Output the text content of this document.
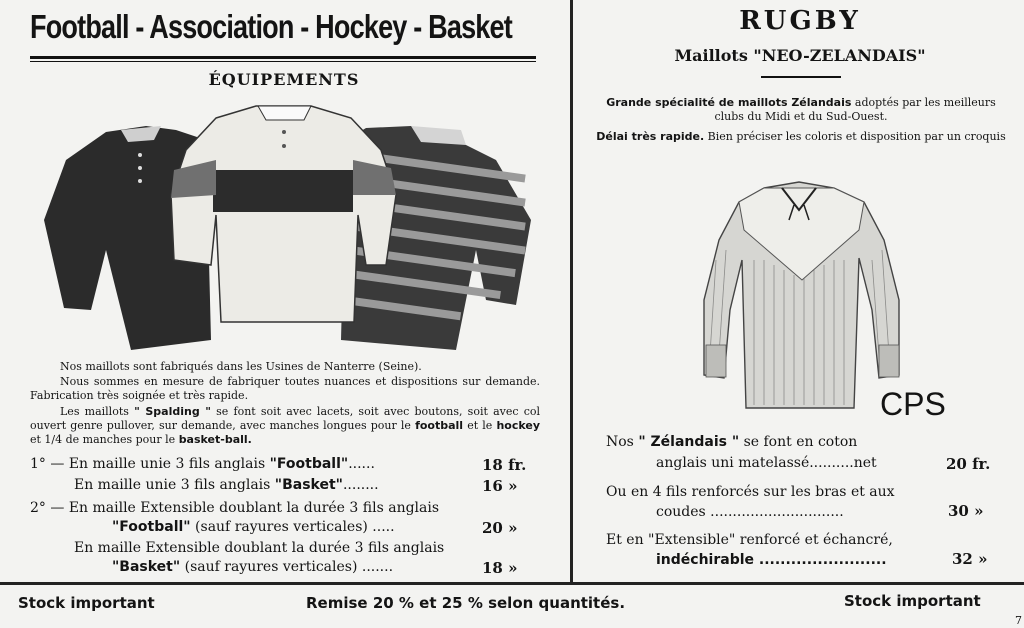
Football - Association - Hockey - Basket
ÉQUIPEMENTS
Nos maillots sont fabriqués dans les Usines de Nanterre (Seine).
Nous sommes en mesure de fabriquer toutes nuances et dispositions sur demande. Fabrication très soignée et très rapide.
Les maillots " Spalding " se font soit avec lacets, soit avec boutons, soit avec col ouvert genre pullover, sur demande, avec manches longues pour le football et le hockey et 1/4 de manches pour le basket-ball.
1° — En maille unie 3 fils anglais "Football"......	18 fr.
En maille unie 3 fils anglais "Basket"........	16 »
2° — En maille Extensible doublant la durée 3 fils anglais
"Football" (sauf rayures verticales) .....	20 »
En maille Extensible doublant la durée 3 fils anglais
"Basket" (sauf rayures verticales) .......	18 »
RUGBY
Maillots "NEO-ZELANDAIS"
Grande spécialité de maillots Zélandais adoptés par les meilleurs clubs du Midi et du Sud-Ouest.
Délai très rapide. Bien préciser les coloris et disposition par un croquis
Nos " Zélandais " se font en coton
anglais uni matelassé..........net	20 fr.
Ou en 4 fils renforcés sur les bras et aux
coudes ..............................	30 »
Et en "Extensible" renforcé et échancré,
indéchirable ........................	32 »
CPS
Stock important	Remise 20 % et 25 % selon quantités.	Stock important
7
